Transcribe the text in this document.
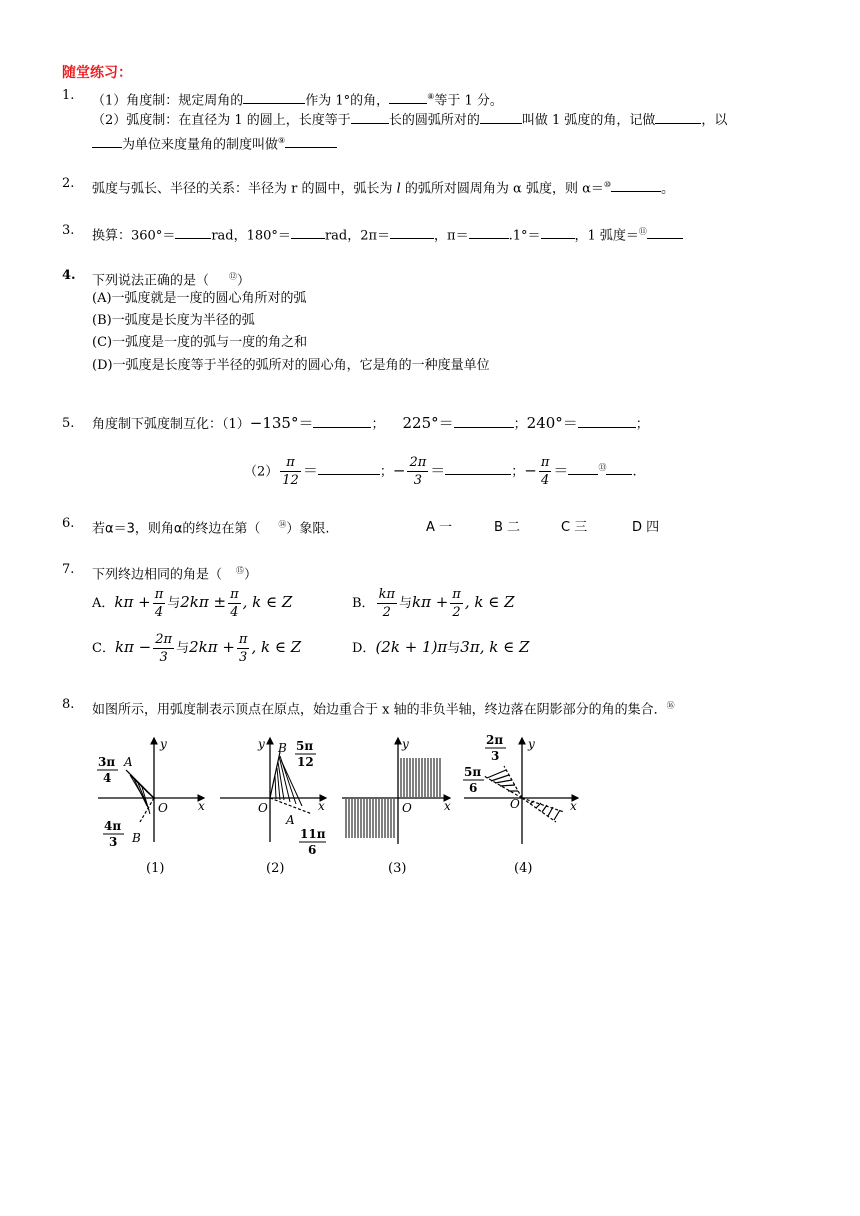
随堂练习：
1. （1）角度制：规定周角的	作为 1°的角，	⑧等于 1 分。
（2）弧度制：在直径为 1 的圆上，长度等于	长的圆弧所对的	叫做 1 弧度的角，记做	，以
为单位来度量角的制度叫做⑨
2. 弧度与弧长、半径的关系：半径为 r 的圆中，弧长为 l 的弧所对圆周角为 α 弧度，则 α＝⑩	。
3. 换算：360°＝	rad，180°＝	rad，2π＝	，π＝	.1°＝	，1 弧度＝⑪
4. 下列说法正确的是（	⑫）
(A)一弧度就是一度的圆心角所对的弧
(B)一弧度是长度为半径的弧
(C)一弧度是一度的弧与一度的角之和
(D)一弧度是长度等于半径的弧所对的圆心角，它是角的一种度量单位
5. 角度制下弧度制互化：（1）−135°＝	； 225°＝	；240°＝	；
$(2) \frac{\pi}{12}$ ＝	；− $\frac{2\pi}{3}$ ＝	；− $\frac{\pi}{4}$ ＝	⑬ .
6. 若α＝3，则角α的终边在第（ ⑭）象限.	A 一	B 二	C 三	D 四
7. 下列终边相同的角是（ ⑮）
A．$k\pi + \frac{\pi}{4}$ 与$2k\pi \pm \frac{\pi}{4}$ , k ∈ Z	B． $\frac{k\pi}{2}$ 与$k\pi + \frac{\pi}{2}$ , k ∈ Z
C．$k\pi - \frac{2\pi}{3}$ 与$2k\pi + \frac{\pi}{3}$ , k ∈ Z	D．(2k + 1)π与3π, k ∈ Z
8. 如图所示，用弧度制表示顶点在原点，始边重合于 x 轴的非负半轴，终边落在阴影部分的角的集合．⑯
y
x
O
A
B
3π
4
4π
3
(1)
y
x
O
B
A
5π
12
11π
6
(2)
y
x
O
(3)
y
x
O
2π
3
5π
6
(4)
